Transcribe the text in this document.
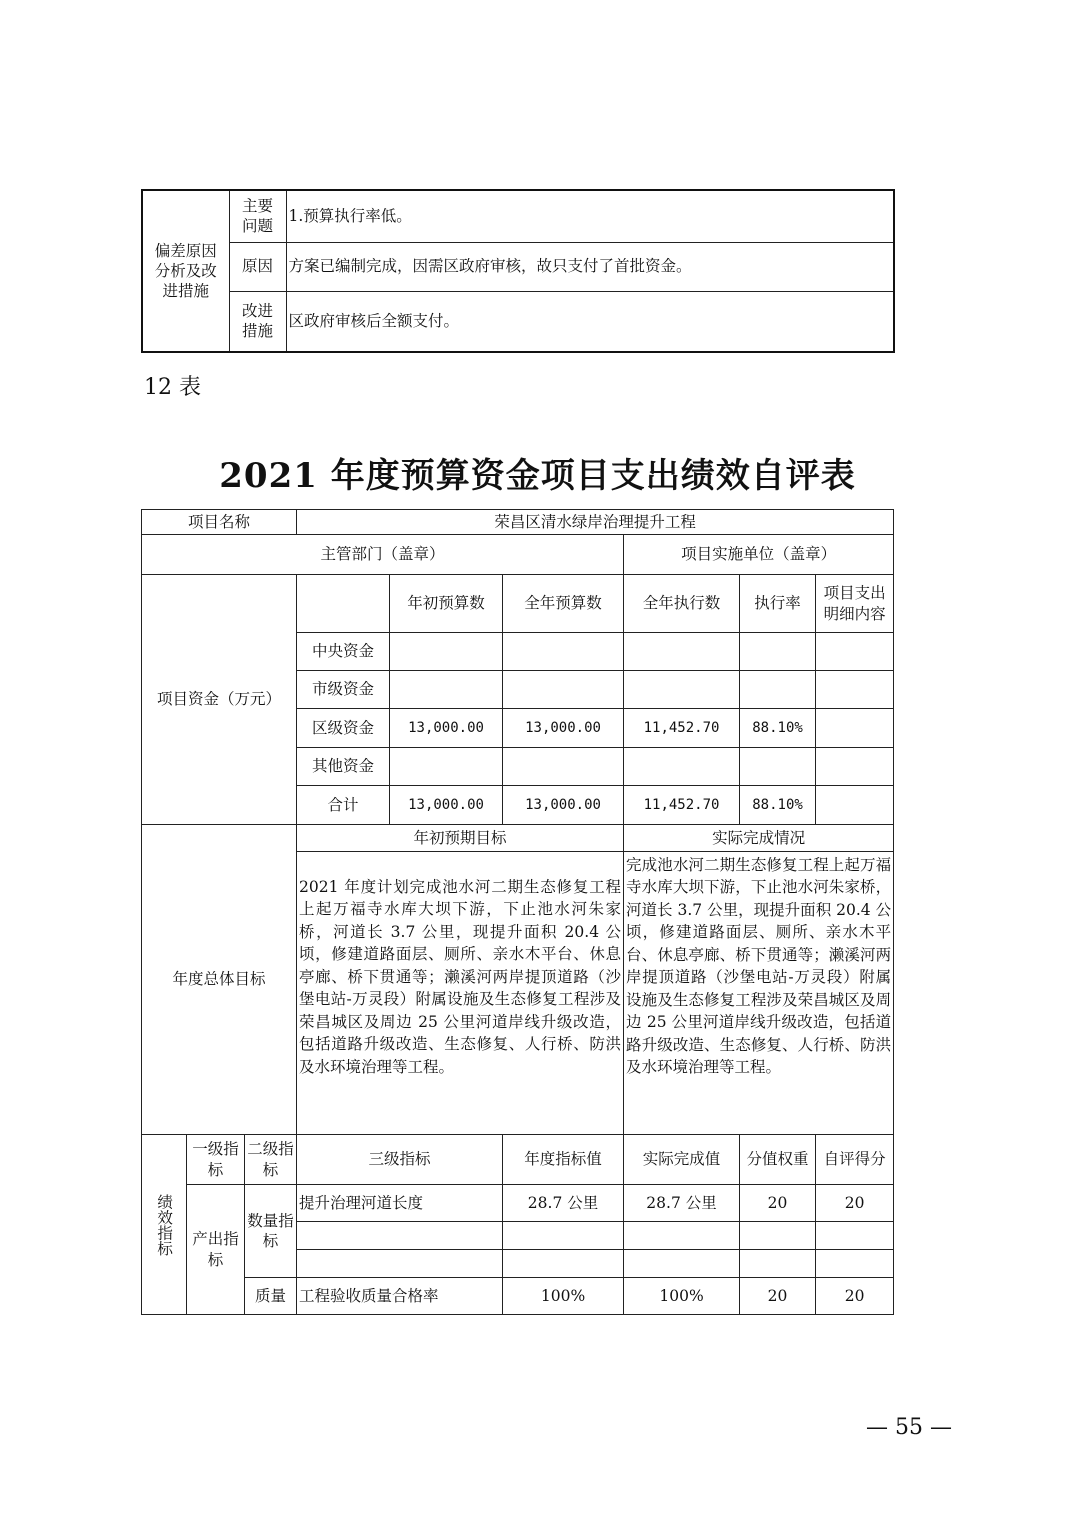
偏差原因分析及改进措施	主要问题	1.预算执行率低。
	原因	方案已编制完成，因需区政府审核，故只支付了首批资金。
	改进措施	区政府审核后全额支付。
12 表
2021 年度预算资金项目支出绩效自评表
项目名称			荣昌区清水绿岸治理提升工程					
主管部门（盖章）						项目实施单位（盖章）		
项目资金（万元）				年初预算数	全年预算数	全年执行数	执行率	项目支出明细内容
			中央资金					
			市级资金					
			区级资金	13,000.00	13,000.00	11,452.70	88.10%	
			其他资金					
			合计	13,000.00	13,000.00	11,452.70	88.10%	
年度总体目标			年初预期目标			实际完成情况		
			2021 年度计划完成池水河二期生态修复工程上起万福寺水库大坝下游，下止池水河朱家桥，河道长 3.7 公里，现提升面积 20.4 公顷，修建道路面层、厕所、亲水木平台、休息亭廊、桥下贯通等；濑溪河两岸提顶道路（沙堡电站-万灵段）附属设施及生态修复工程涉及荣昌城区及周边 25 公里河道岸线升级改造，包括道路升级改造、生态修复、人行桥、防洪及水环境治理等工程。			完成池水河二期生态修复工程上起万福寺水库大坝下游，下止池水河朱家桥，河道长 3.7 公里，现提升面积 20.4 公顷，修建道路面层、厕所、亲水木平台、休息亭廊、桥下贯通等；濑溪河两岸提顶道路（沙堡电站-万灵段）附属设施及生态修复工程涉及荣昌城区及周边 25 公里河道岸线升级改造，包括道路升级改造、生态修复、人行桥、防洪及水环境治理等工程。		

绩效指标	一级指标	二级指标	三级指标		年度指标值	实际完成值	分值权重	自评得分
	产出指标	数量指标	提升治理河道长度		28.7 公里	28.7 公里	20	20

		质量	工程验收质量合格率		100%	100%	20	20
— 55 —
